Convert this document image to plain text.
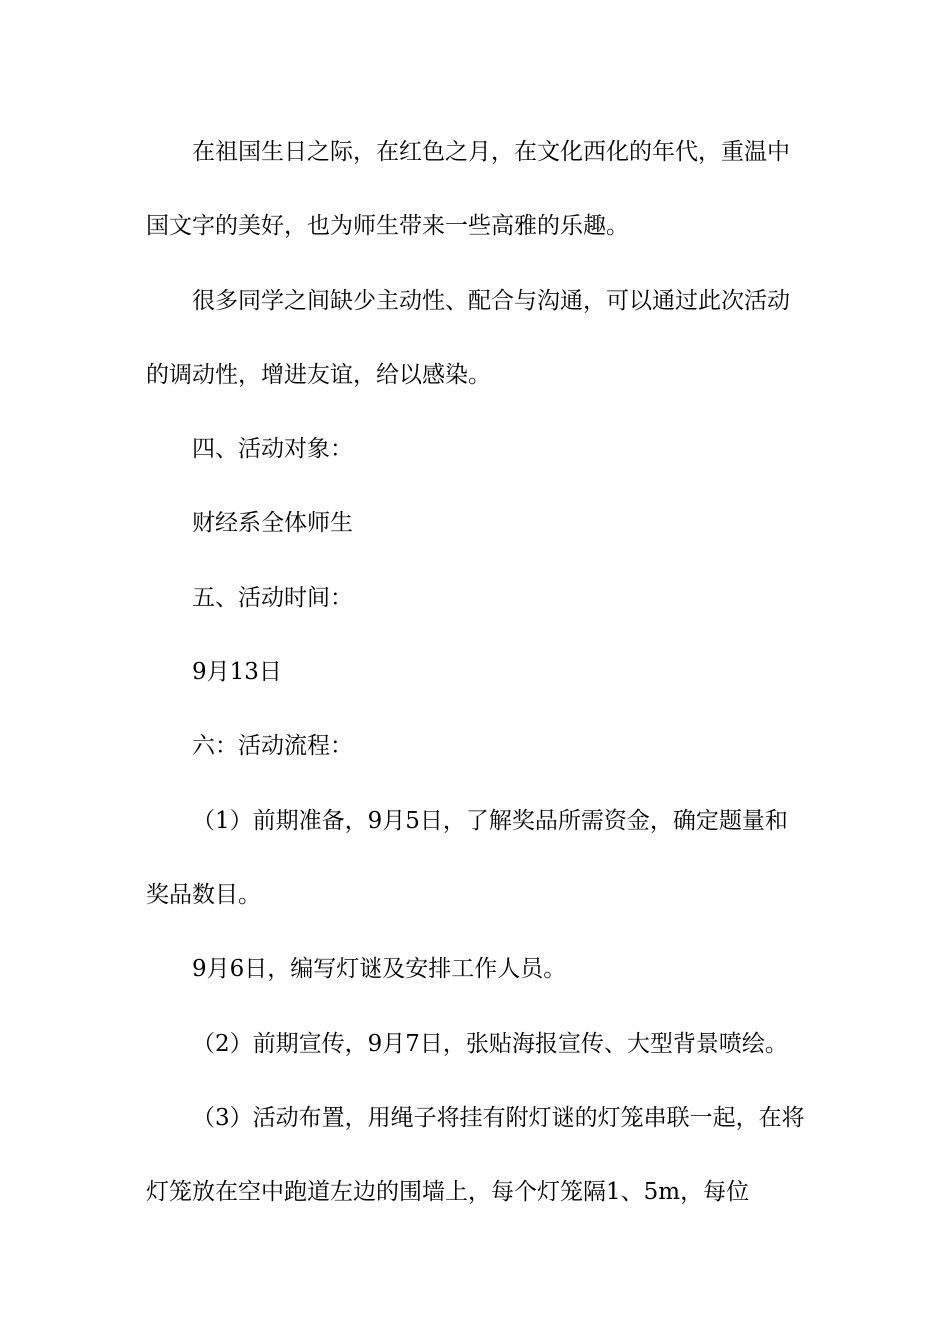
在祖国生日之际，在红色之月，在文化西化的年代，重温中国文字的美好，也为师生带来一些高雅的乐趣。

很多同学之间缺少主动性、配合与沟通，可以通过此次活动的调动性，增进友谊，给以感染。

四、活动对象：

财经系全体师生

五、活动时间：

9月13日

六：活动流程：

（1）前期准备，9月5日，了解奖品所需资金，确定题量和奖品数目。

9月6日，编写灯谜及安排工作人员。

（2）前期宣传，9月7日，张贴海报宣传、大型背景喷绘。

（3）活动布置，用绳子将挂有附灯谜的灯笼串联一起，在将灯笼放在空中跑道左边的围墙上，每个灯笼隔1、5m，每位
